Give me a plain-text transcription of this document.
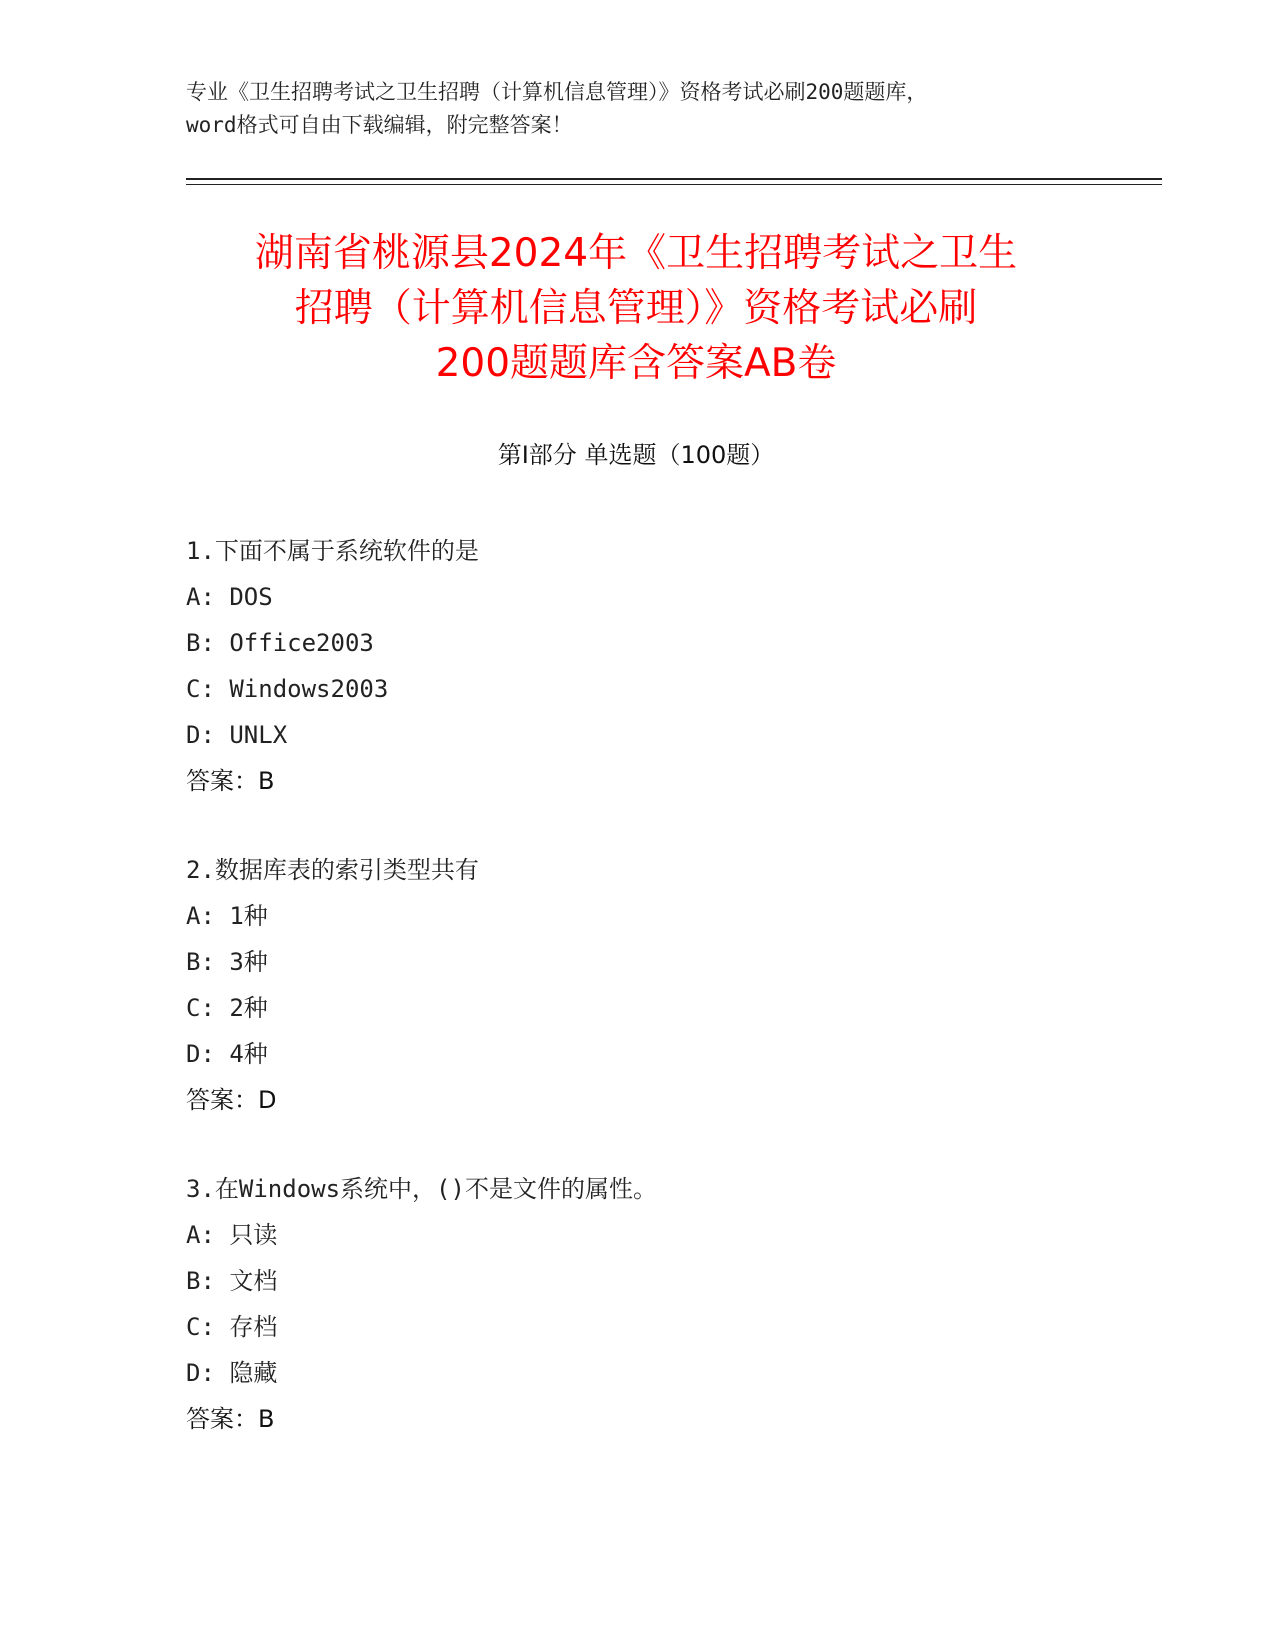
专业《卫生招聘考试之卫生招聘（计算机信息管理）》资格考试必刷200题题库，
word格式可自由下载编辑，附完整答案！
湖南省桃源县2024年《卫生招聘考试之卫生
招聘（计算机信息管理）》资格考试必刷
200题题库含答案AB卷
第Ⅰ部分 单选题（100题）
1.下面不属于系统软件的是
A: DOS
B: Office2003
C: Windows2003
D: UNLX
答案：B
2.数据库表的索引类型共有
A: 1种
B: 3种
C: 2种
D: 4种
答案：D
3.在Windows系统中，()不是文件的属性。
A: 只读
B: 文档
C: 存档
D: 隐藏
答案：B
